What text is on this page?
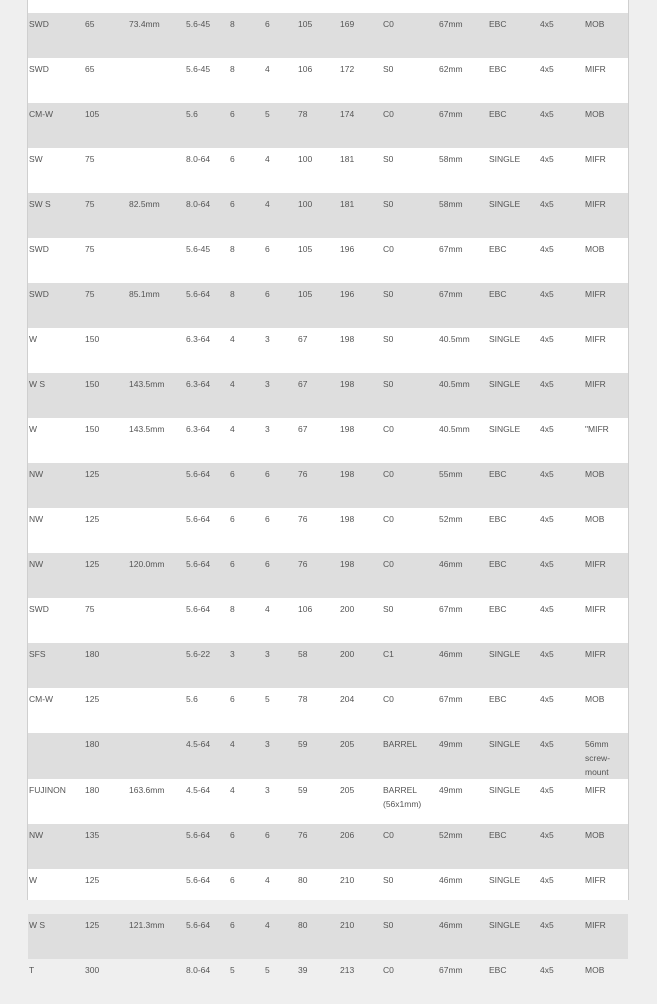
SWD	65	73.4mm	5.6-45	8	6	105	169	C0	67mm	EBC	4x5	MOB
SWD	65		5.6-45	8	4	106	172	S0	62mm	EBC	4x5	MIFR
CM-W	105		5.6	6	5	78	174	C0	67mm	EBC	4x5	MOB
SW	75		8.0-64	6	4	100	181	S0	58mm	SINGLE	4x5	MIFR
SW S	75	82.5mm	8.0-64	6	4	100	181	S0	58mm	SINGLE	4x5	MIFR
SWD	75		5.6-45	8	6	105	196	C0	67mm	EBC	4x5	MOB
SWD	75	85.1mm	5.6-64	8	6	105	196	S0	67mm	EBC	4x5	MIFR
W	150		6.3-64	4	3	67	198	S0	40.5mm	SINGLE	4x5	MIFR
W S	150	143.5mm	6.3-64	4	3	67	198	S0	40.5mm	SINGLE	4x5	MIFR
W	150	143.5mm	6.3-64	4	3	67	198	C0	40.5mm	SINGLE	4x5	"MIFR
NW	125		5.6-64	6	6	76	198	C0	55mm	EBC	4x5	MOB
NW	125		5.6-64	6	6	76	198	C0	52mm	EBC	4x5	MOB
NW	125	120.0mm	5.6-64	6	6	76	198	C0	46mm	EBC	4x5	MIFR
SWD	75		5.6-64	8	4	106	200	S0	67mm	EBC	4x5	MIFR
SFS	180		5.6-22	3	3	58	200	C1	46mm	SINGLE	4x5	MIFR
CM-W	125		5.6	6	5	78	204	C0	67mm	EBC	4x5	MOB
	180		4.5-64	4	3	59	205	BARREL	49mm	SINGLE	4x5	56mm screw-mount
FUJINON	180	163.6mm	4.5-64	4	3	59	205	BARREL (56x1mm)	49mm	SINGLE	4x5	MIFR
NW	135		5.6-64	6	6	76	206	C0	52mm	EBC	4x5	MOB
W	125		5.6-64	6	4	80	210	S0	46mm	SINGLE	4x5	MIFR
W S	125	121.3mm	5.6-64	6	4	80	210	S0	46mm	SINGLE	4x5	MIFR
T	300		8.0-64	5	5	39	213	C0	67mm	EBC	4x5	MOB
